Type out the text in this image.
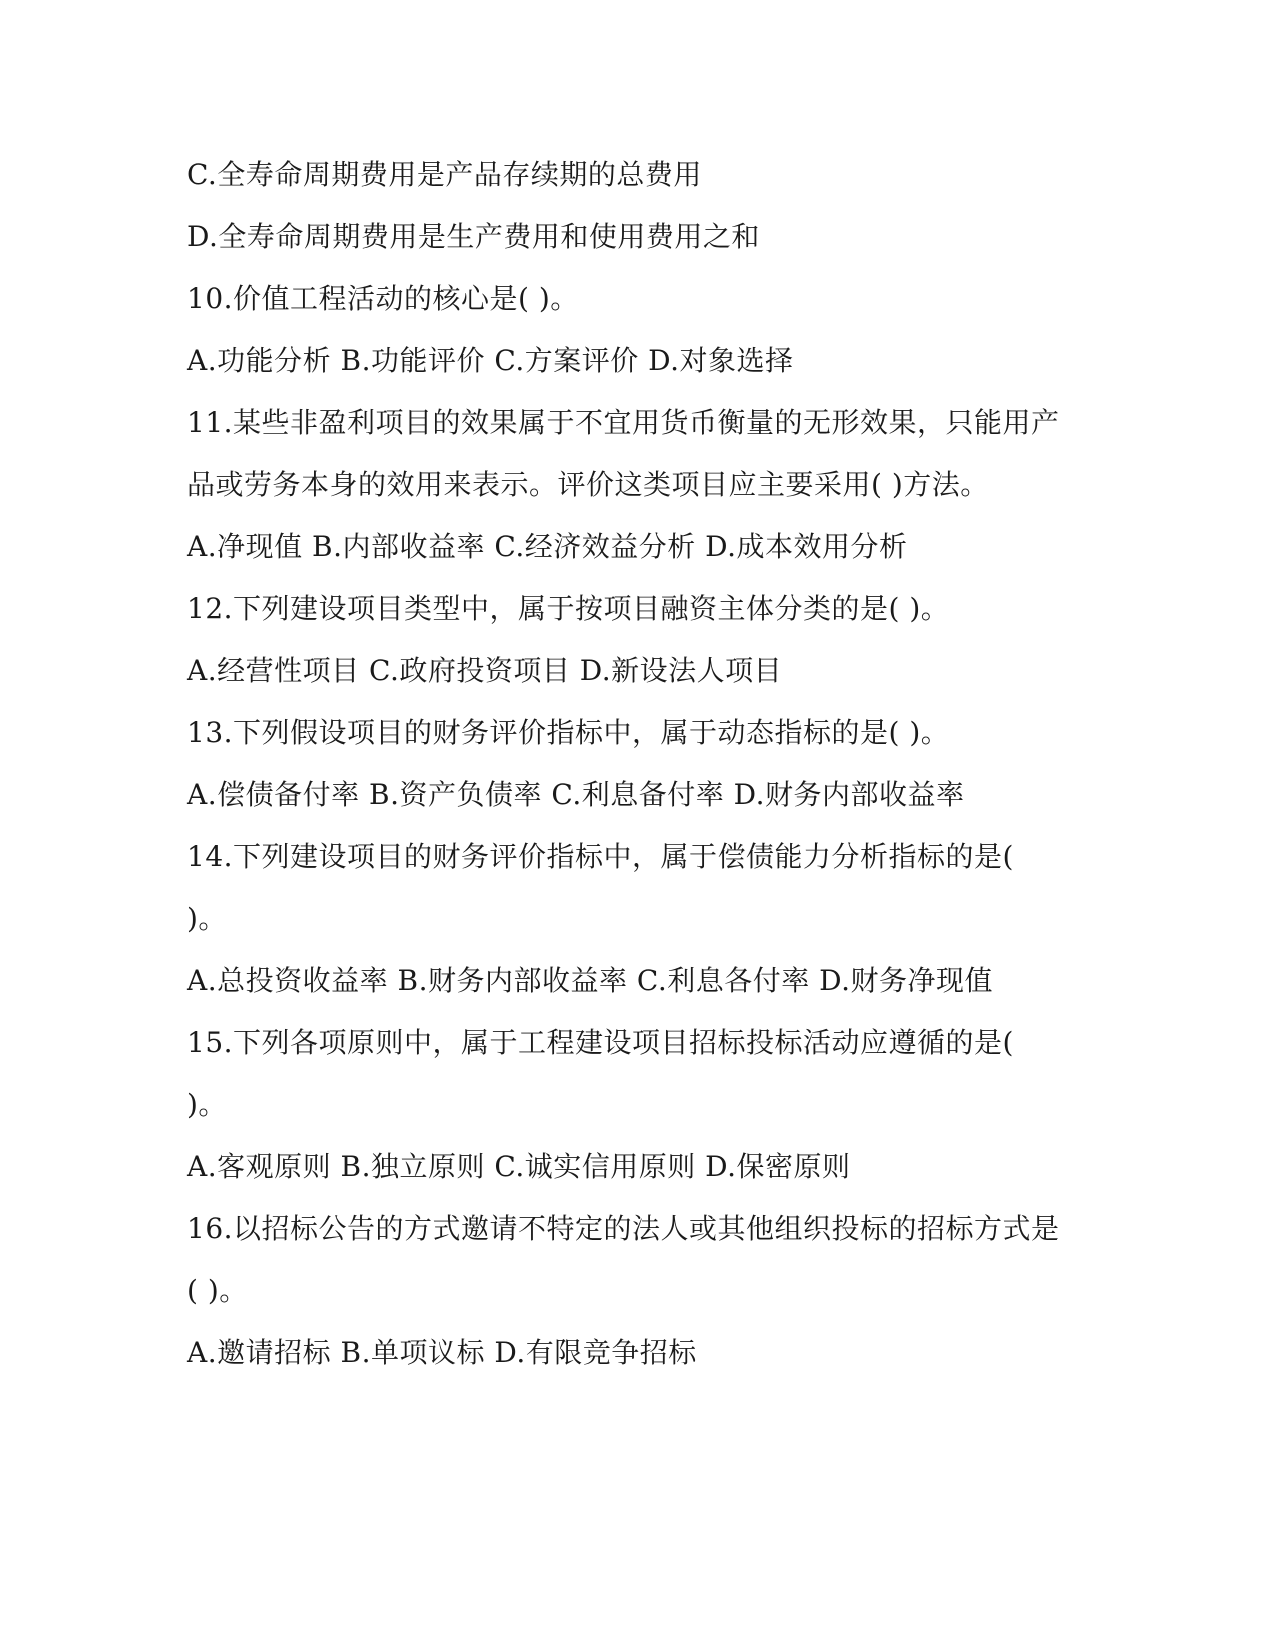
C.全寿命周期费用是产品存续期的总费用

D.全寿命周期费用是生产费用和使用费用之和

10.价值工程活动的核心是( )。

A.功能分析 B.功能评价 C.方案评价 D.对象选择

11.某些非盈利项目的效果属于不宜用货币衡量的无形效果，只能用产

品或劳务本身的效用来表示。评价这类项目应主要采用( )方法。

A.净现值 B.内部收益率 C.经济效益分析 D.成本效用分析

12.下列建设项目类型中，属于按项目融资主体分类的是( )。

A.经营性项目 C.政府投资项目 D.新设法人项目

13.下列假设项目的财务评价指标中，属于动态指标的是( )。

A.偿债备付率 B.资产负债率 C.利息备付率 D.财务内部收益率

14.下列建设项目的财务评价指标中，属于偿债能力分析指标的是(

)。

A.总投资收益率 B.财务内部收益率 C.利息各付率 D.财务净现值

15.下列各项原则中，属于工程建设项目招标投标活动应遵循的是(

)。

A.客观原则 B.独立原则 C.诚实信用原则 D.保密原则

16.以招标公告的方式邀请不特定的法人或其他组织投标的招标方式是

( )。

A.邀请招标 B.单项议标 D.有限竞争招标
